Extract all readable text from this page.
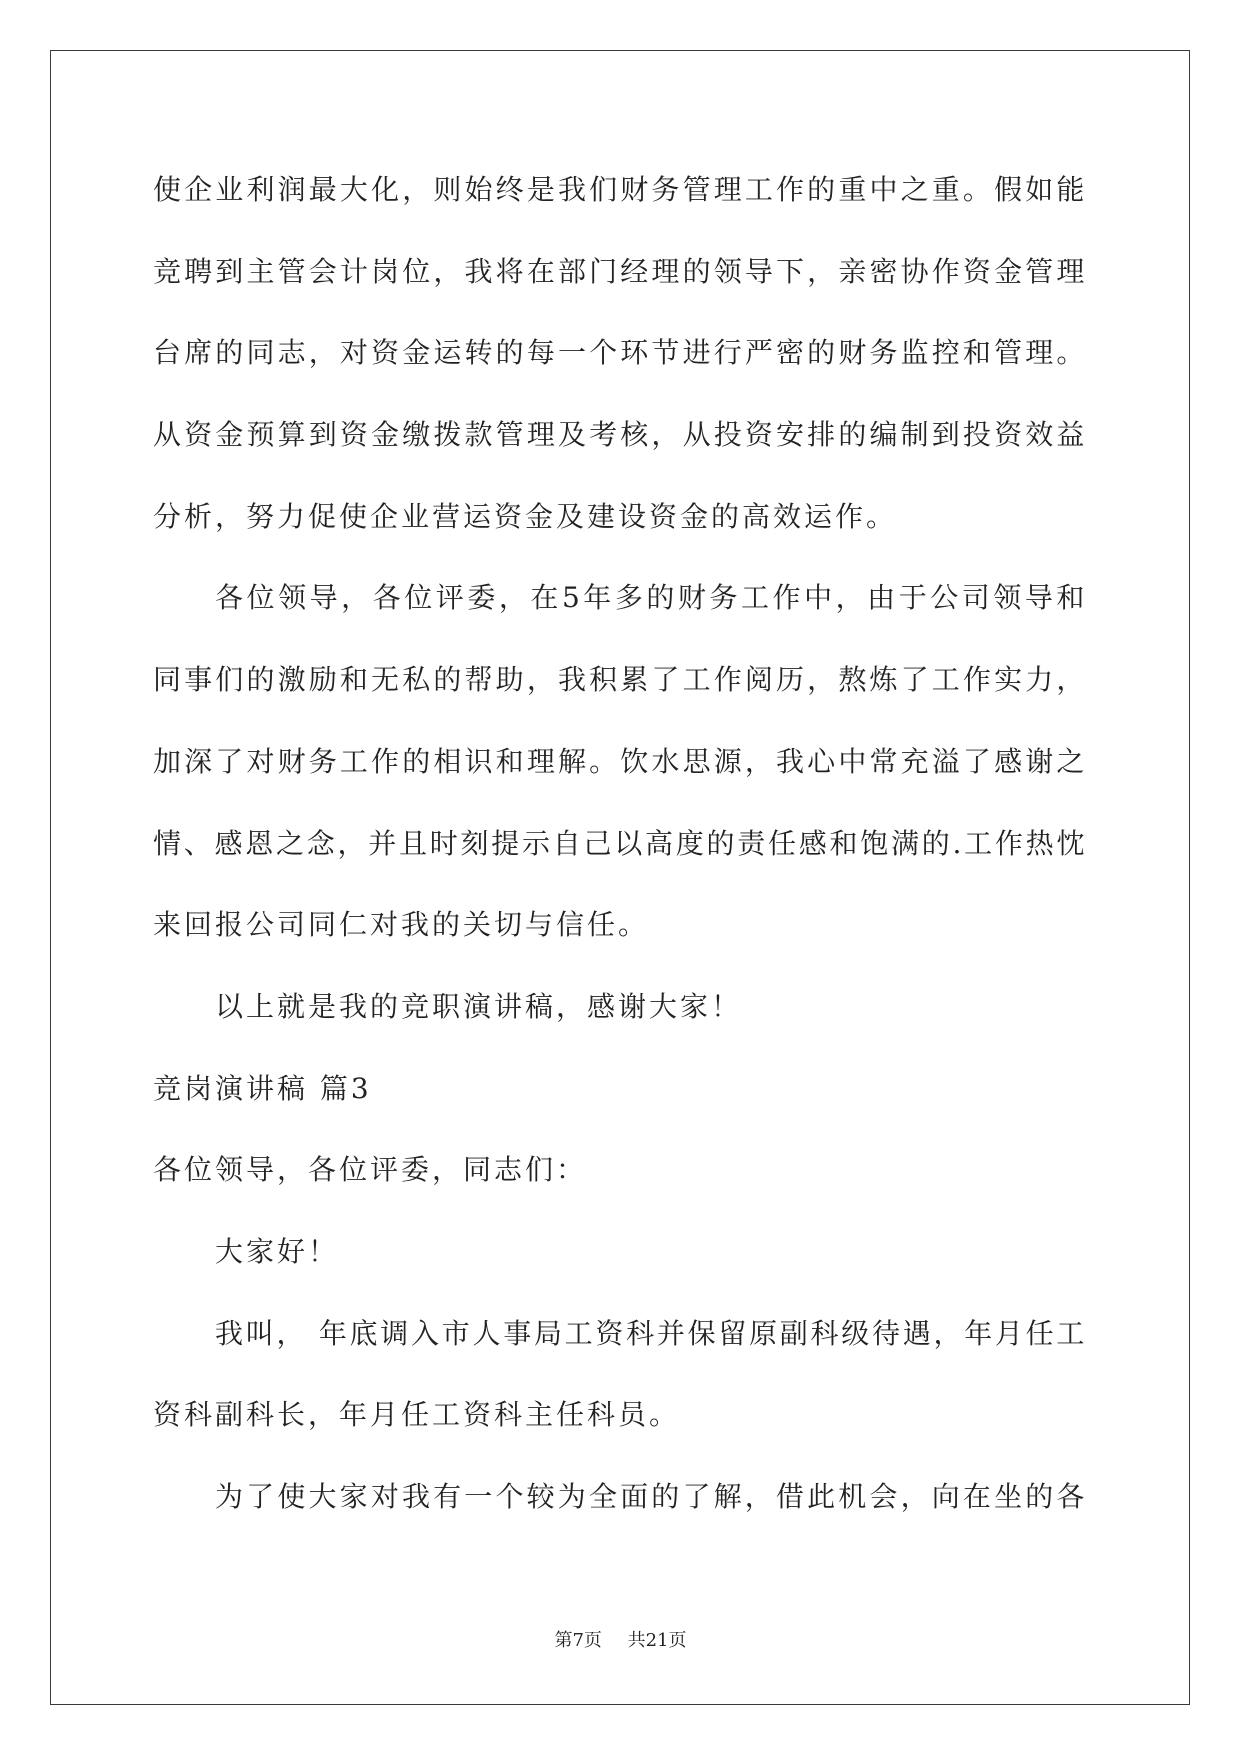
使企业利润最大化，则始终是我们财务管理工作的重中之重。假如能
竞聘到主管会计岗位，我将在部门经理的领导下，亲密协作资金管理
台席的同志，对资金运转的每一个环节进行严密的财务监控和管理。
从资金预算到资金缴拨款管理及考核，从投资安排的编制到投资效益
分析，努力促使企业营运资金及建设资金的高效运作。
各位领导，各位评委，在5年多的财务工作中，由于公司领导和
同事们的激励和无私的帮助，我积累了工作阅历，熬炼了工作实力，
加深了对财务工作的相识和理解。饮水思源，我心中常充溢了感谢之
情、感恩之念，并且时刻提示自己以高度的责任感和饱满的.工作热忱
来回报公司同仁对我的关切与信任。
以上就是我的竞职演讲稿，感谢大家！
竞岗演讲稿 篇3
各位领导，各位评委，同志们：
大家好！
我叫， 年底调入市人事局工资科并保留原副科级待遇，年月任工
资科副科长，年月任工资科主任科员。
为了使大家对我有一个较为全面的了解，借此机会，向在坐的各
第7页 共21页
